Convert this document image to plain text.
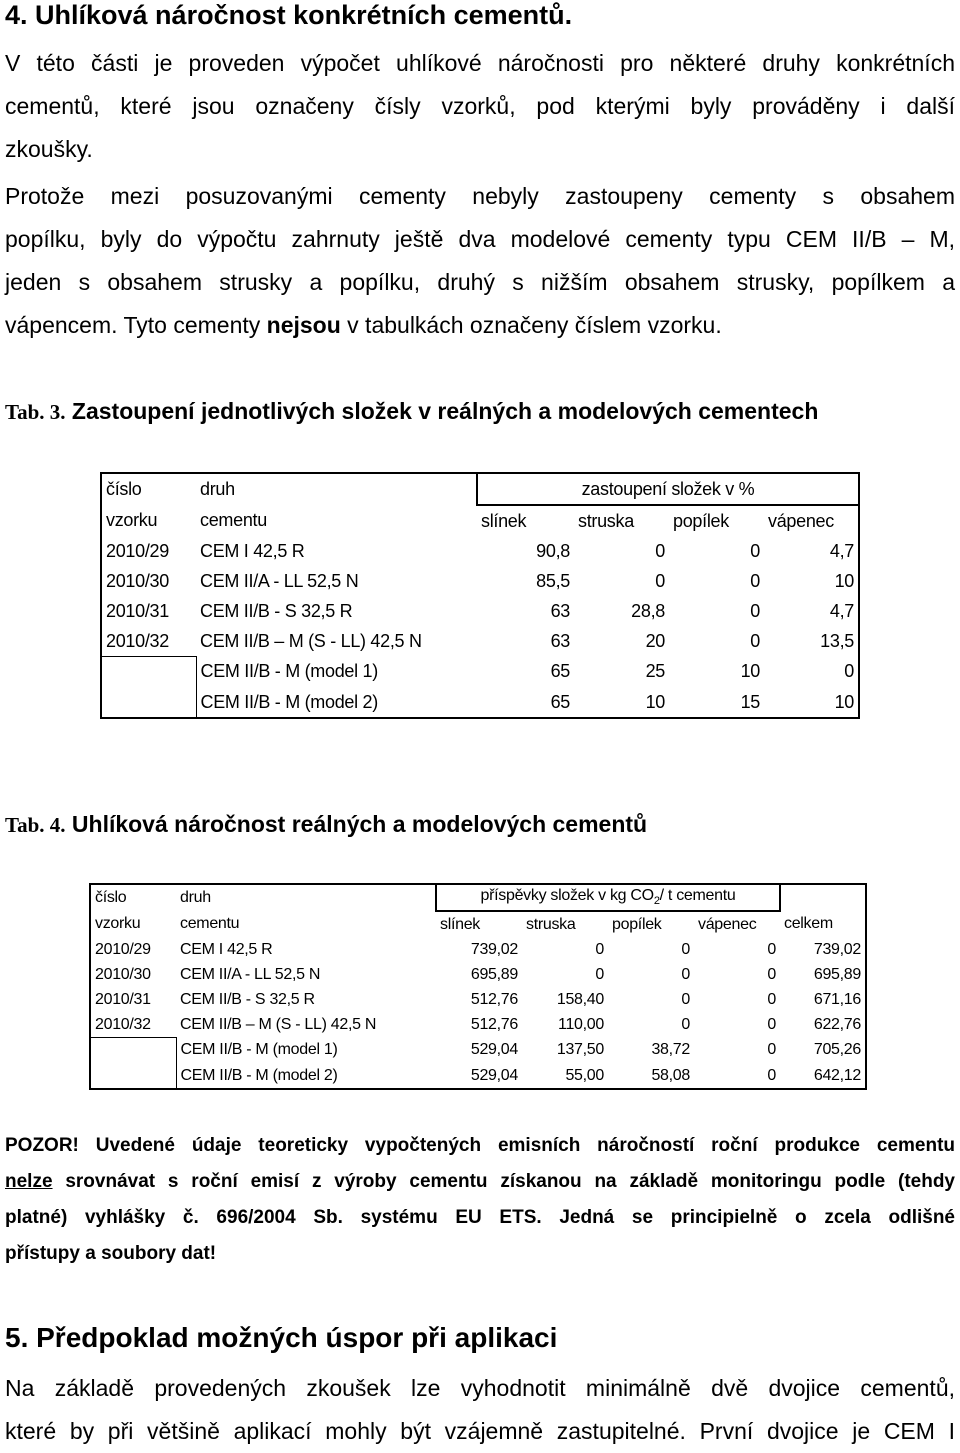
4. Uhlíková náročnost konkrétních cementů.
V této části je proveden výpočet uhlíkové náročnosti pro některé druhy konkrétních
cementů, které jsou označeny čísly vzorků, pod kterými byly prováděny i další
zkoušky.
Protože mezi posuzovanými cementy nebyly zastoupeny cementy s obsahem
popílku, byly do výpočtu zahrnuty ještě dva modelové cementy typu CEM II/B – M,
jeden s obsahem strusky a popílku, druhý s nižším obsahem strusky, popílkem a
vápencem. Tyto cementy nejsou v tabulkách označeny číslem vzorku.
Tab. 3. Zastoupení jednotlivých složek v reálných a modelových cementech
číslo	druh	zastoupení složek v %			
vzorku	cementu	slínek	struska	popílek	vápenec
2010/29	CEM I 42,5 R	90,8	0	0	4,7
2010/30	CEM II/A - LL 52,5 N	85,5	0	0	10
2010/31	CEM II/B - S 32,5 R	63	28,8	0	4,7
2010/32	CEM II/B – M (S - LL) 42,5 N	63	20	0	13,5
	CEM II/B - M (model 1)	65	25	10	0
	CEM II/B - M (model 2)	65	10	15	10
Tab. 4. Uhlíková náročnost reálných a modelových cementů
číslo	druh	příspěvky složek v kg $CO_2/$ t cementu				
vzorku	cementu	slínek	struska	popílek	vápenec	celkem
2010/29	CEM I 42,5 R	739,02	0	0	0	739,02
2010/30	CEM II/A - LL 52,5 N	695,89	0	0	0	695,89
2010/31	CEM II/B - S 32,5 R	512,76	158,40	0	0	671,16
2010/32	CEM II/B – M (S - LL) 42,5 N	512,76	110,00	0	0	622,76
	CEM II/B - M (model 1)	529,04	137,50	38,72	0	705,26
	CEM II/B - M (model 2)	529,04	55,00	58,08	0	642,12
POZOR! Uvedené údaje teoreticky vypočtených emisních náročností roční produkce cementu
nelze srovnávat s roční emisí z výroby cementu získanou na základě monitoringu podle (tehdy
platné) vyhlášky č. 696/2004 Sb. systému EU ETS. Jedná se principielně o zcela odlišné
přístupy a soubory dat!
5. Předpoklad možných úspor při aplikaci
Na základě provedených zkoušek lze vyhodnotit minimálně dvě dvojice cementů,
které by při většině aplikací mohly být vzájemně zastupitelné. První dvojice je CEM I
